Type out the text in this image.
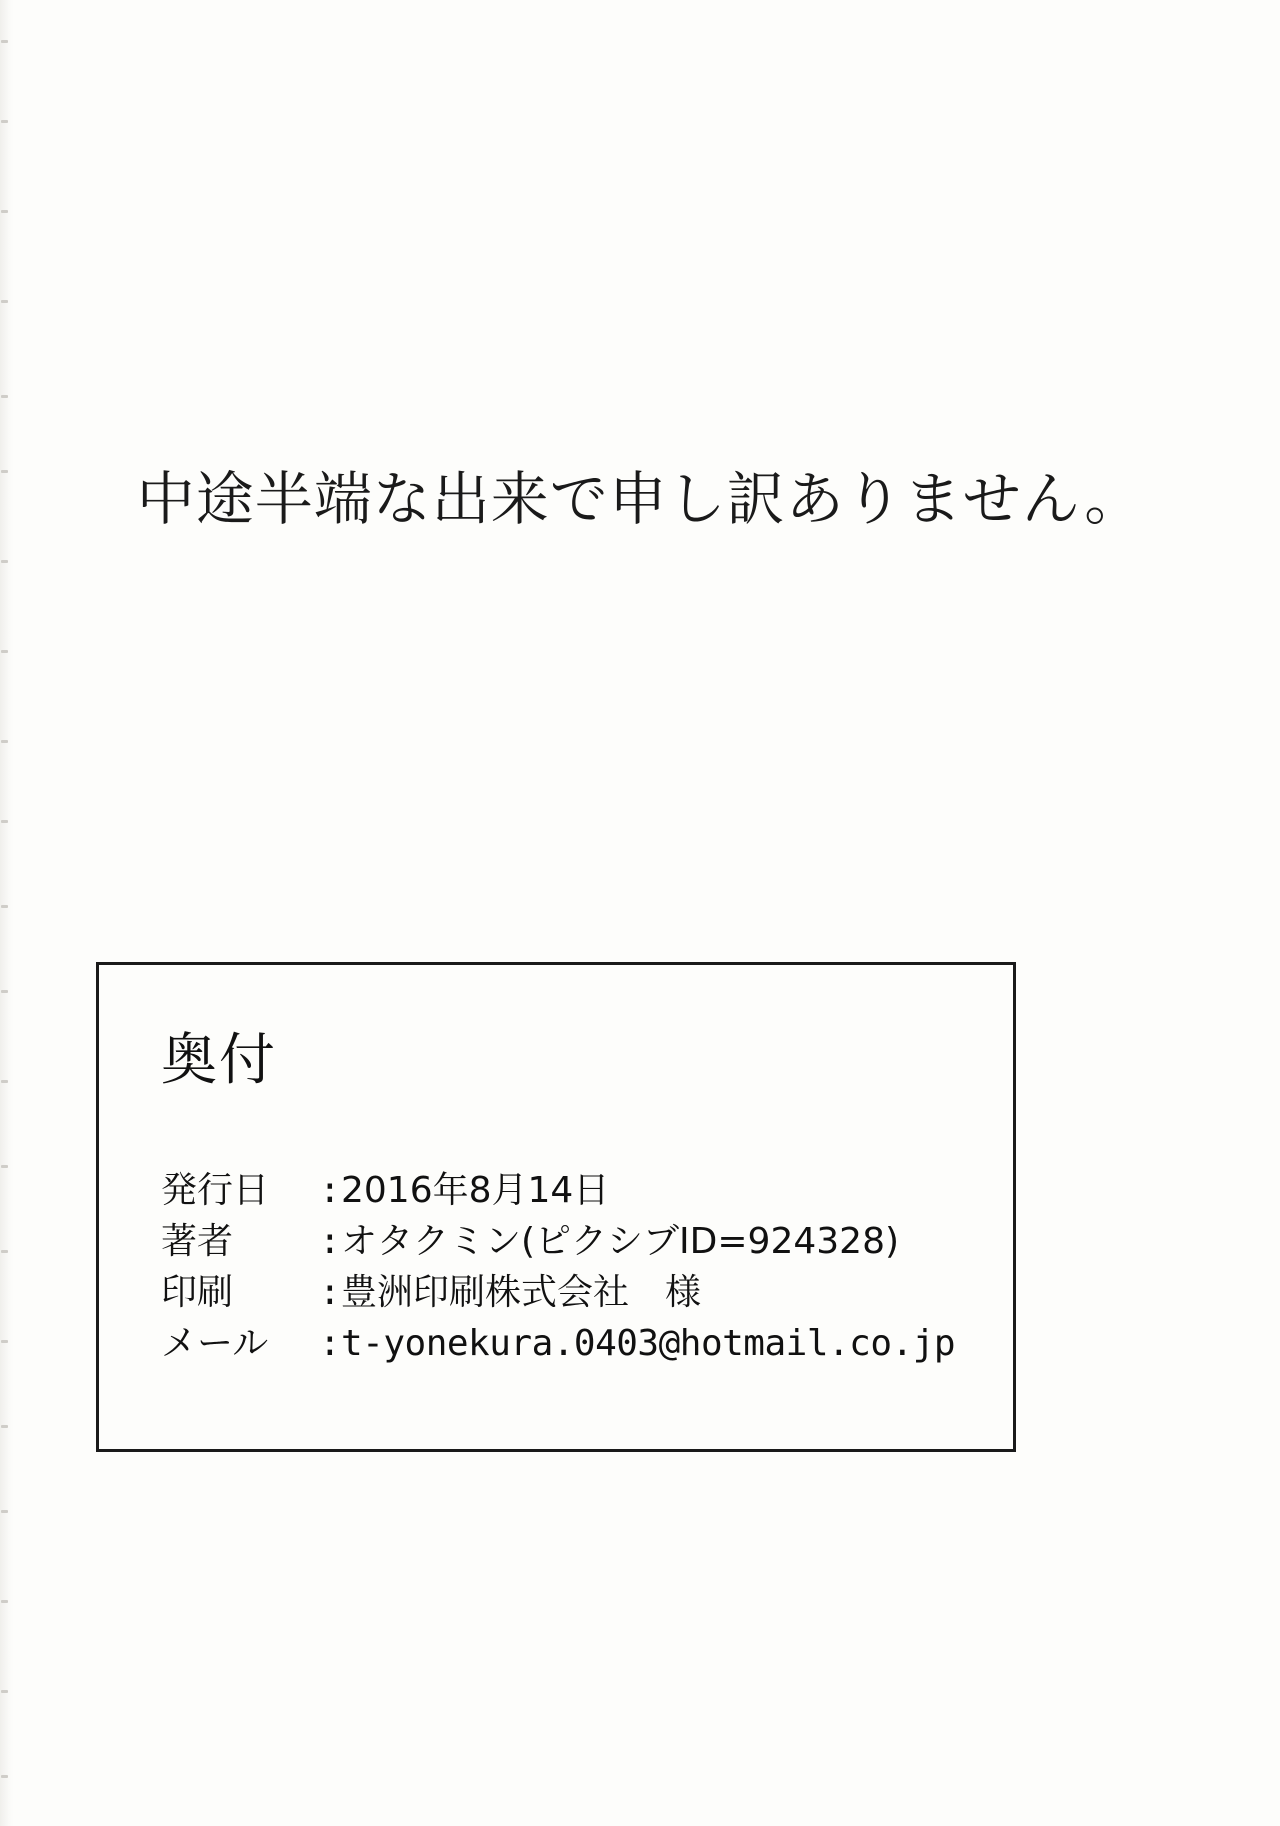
中途半端な出来で申し訳ありません。
奥付
発行日	: 2016年8月14日
著者	: オタクミン(ピクシブID=924328)
印刷	: 豊洲印刷株式会社	様
メール	: t-yonekura.0403@hotmail.co.jp
